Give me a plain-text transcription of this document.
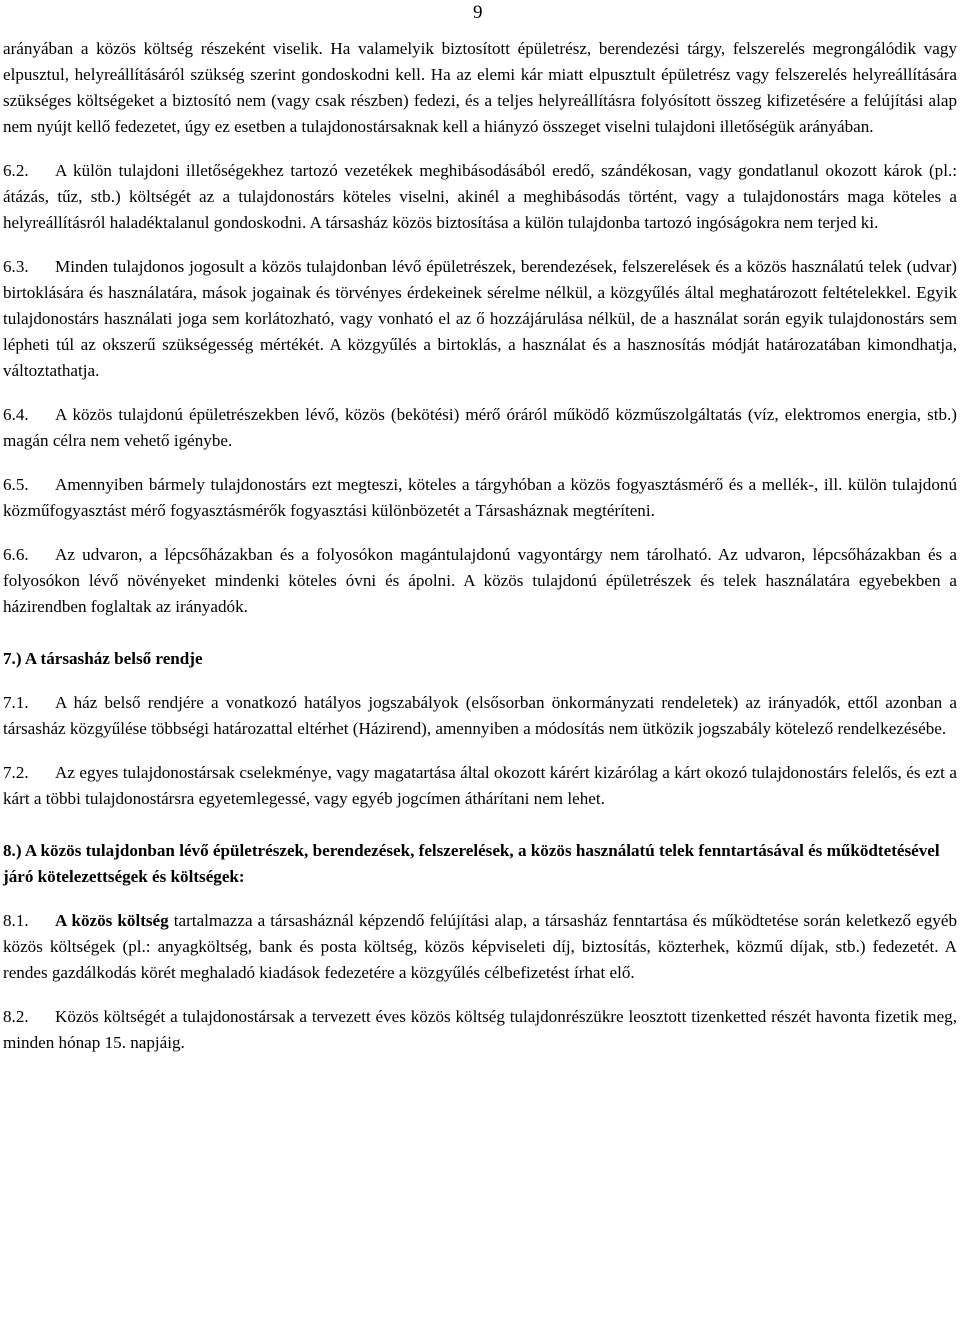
9

arányában a közös költség részeként viselik. Ha valamelyik biztosított épületrész, berendezési tárgy, felszerelés megrongálódik vagy elpusztul, helyreállításáról szükség szerint gondoskodni kell. Ha az elemi kár miatt elpusztult épületrész vagy felszerelés helyreállítására szükséges költségeket a biztosító nem (vagy csak részben) fedezi, és a teljes helyreállításra folyósított összeg kifizetésére a felújítási alap nem nyújt kellő fedezetet, úgy ez esetben a tulajdonostársaknak kell a hiányzó összeget viselni tulajdoni illetőségük arányában.

6.2. A külön tulajdoni illetőségekhez tartozó vezetékek meghibásodásából eredő, szándékosan, vagy gondatlanul okozott károk (pl.: átázás, tűz, stb.) költségét az a tulajdonostárs köteles viselni, akinél a meghibásodás történt, vagy a tulajdonostárs maga köteles a helyreállításról haladéktalanul gondoskodni. A társasház közös biztosítása a külön tulajdonba tartozó ingóságokra nem terjed ki.

6.3. Minden tulajdonos jogosult a közös tulajdonban lévő épületrészek, berendezések, felszerelések és a közös használatú telek (udvar) birtoklására és használatára, mások jogainak és törvényes érdekeinek sérelme nélkül, a közgyűlés által meghatározott feltételekkel. Egyik tulajdonostárs használati joga sem korlátozható, vagy vonható el az ő hozzájárulása nélkül, de a használat során egyik tulajdonostárs sem lépheti túl az okszerű szükségesség mértékét. A közgyűlés a birtoklás, a használat és a hasznosítás módját határozatában kimondhatja, változtathatja.

6.4. A közös tulajdonú épületrészekben lévő, közös (bekötési) mérő óráról működő közműszolgáltatás (víz, elektromos energia, stb.) magán célra nem vehető igénybe.

6.5. Amennyiben bármely tulajdonostárs ezt megteszi, köteles a tárgyhóban a közös fogyasztásmérő és a mellék-, ill. külön tulajdonú közműfogyasztást mérő fogyasztásmérők fogyasztási különbözetét a Társasháznak megtéríteni.

6.6. Az udvaron, a lépcsőházakban és a folyosókon magántulajdonú vagyontárgy nem tárolható. Az udvaron, lépcsőházakban és a folyosókon lévő növényeket mindenki köteles óvni és ápolni. A közös tulajdonú épületrészek és telek használatára egyebekben a házirendben foglaltak az irányadók.

7.) A társasház belső rendje

7.1. A ház belső rendjére a vonatkozó hatályos jogszabályok (elsősorban önkormányzati rendeletek) az irányadók, ettől azonban a társasház közgyűlése többségi határozattal eltérhet (Házirend), amennyiben a módosítás nem ütközik jogszabály kötelező rendelkezésébe.

7.2. Az egyes tulajdonostársak cselekménye, vagy magatartása által okozott kárért kizárólag a kárt okozó tulajdonostárs felelős, és ezt a kárt a többi tulajdonostársra egyetemlegessé, vagy egyéb jogcímen áthárítani nem lehet.

8.) A közös tulajdonban lévő épületrészek, berendezések, felszerelések, a közös használatú telek fenntartásával és működtetésével járó kötelezettségek és költségek:

8.1. A közös költség tartalmazza a társasháznál képzendő felújítási alap, a társasház fenntartása és működtetése során keletkező egyéb közös költségek (pl.: anyagköltség, bank és posta költség, közös képviseleti díj, biztosítás, közterhek, közmű díjak, stb.) fedezetét. A rendes gazdálkodás körét meghaladó kiadások fedezetére a közgyűlés célbefizetést írhat elő.

8.2. Közös költségét a tulajdonostársak a tervezett éves közös költség tulajdonrészükre leosztott tizenketted részét havonta fizetik meg, minden hónap 15. napjáig.
